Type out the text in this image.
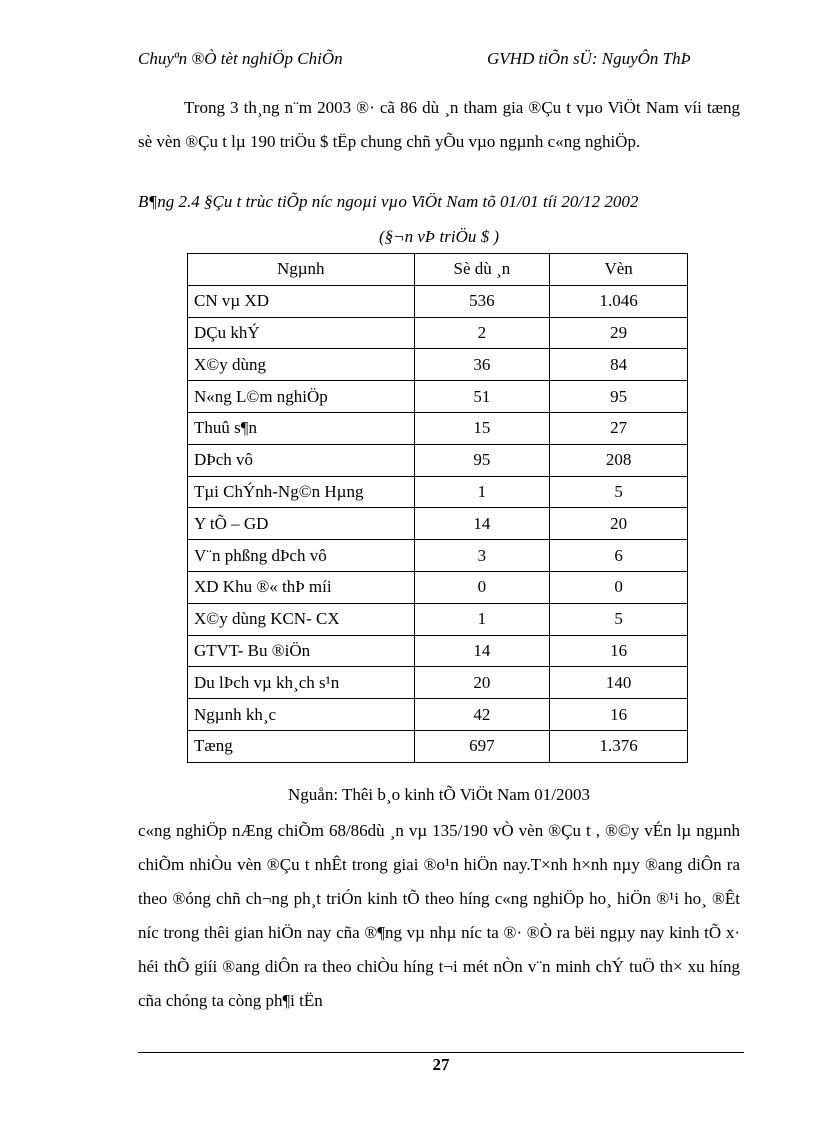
Chuyªn ®Ò tèt nghiÖp ChiÕn	GVHD tiÕn sÜ: NguyÔn ThÞ
Trong 3 th¸ng n¨m 2003 ®· cã 86 dù ¸n tham gia ®Çu t vµo ViÖt Nam víi tæng sè vèn ®Çu t lµ 190 triÖu $ tËp chung chñ yÕu vµo ngµnh c«ng nghiÖp.
B¶ng 2.4 §Çu t trùc tiÕp níc ngoµi vµo ViÖt Nam tõ 01/01 tíi 20/12 2002
(§¬n vÞ triÖu $ )
Ngµnh	Sè dù ¸n	Vèn
CN vµ XD	536	1.046
DÇu khÝ	2	29
X©y dùng	36	84
N«ng L©m nghiÖp	51	95
Thuû s¶n	15	27
DÞch vô	95	208
Tµi ChÝnh-Ng©n Hµng	1	5
Y tÕ – GD	14	20
V¨n phßng dÞch vô	3	6
XD Khu ®« thÞ míi	0	0
X©y dùng KCN- CX	1	5
GTVT- Bu ®iÖn	14	16
Du lÞch vµ kh¸ch s¹n	20	140
Ngµnh kh¸c	42	16
Tæng	697	1.376
Nguån: Thêi b¸o kinh tÕ ViÖt Nam 01/2003
c«ng nghiÖp nÆng chiÕm 68/86dù ¸n vµ 135/190 vÒ vèn ®Çu t , ®©y vÉn lµ ngµnh chiÕm nhiÒu vèn ®Çu t nhÊt trong giai ®o¹n hiÖn nay.T×nh h×nh nµy ®ang diÔn ra theo ®óng chñ ch¬ng ph¸t triÓn kinh tÕ theo híng c«ng nghiÖp ho¸ hiÖn ®¹i ho¸ ®Êt níc trong thêi gian hiÖn nay cña ®¶ng vµ nhµ níc ta ®· ®Ò ra bëi ngµy nay kinh tÕ x· héi thÕ giíi ®ang diÔn ra theo chiÒu híng t¬i mét nÒn v¨n minh chÝ tuÖ th× xu híng cña chóng ta còng ph¶i tËn
27
